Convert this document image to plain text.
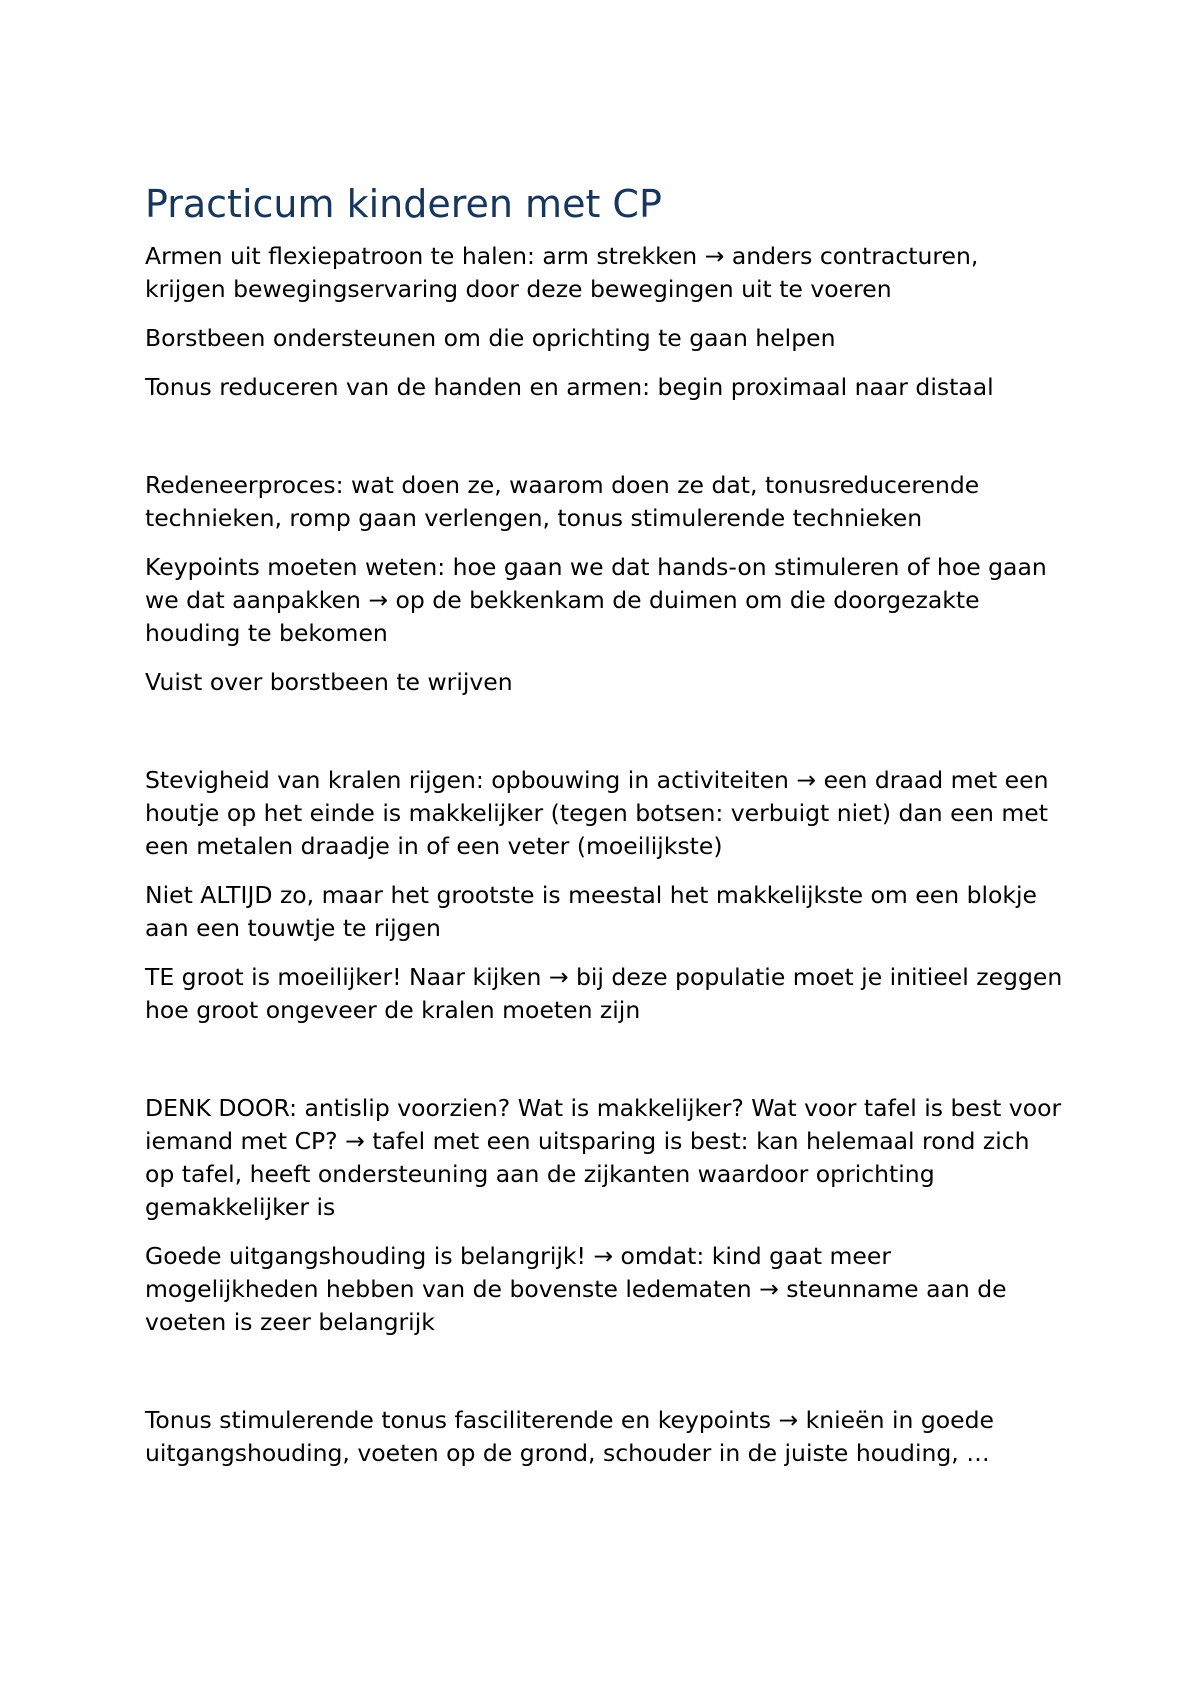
Practicum kinderen met CP

Armen uit flexiepatroon te halen: arm strekken → anders contracturen, krijgen bewegingservaring door deze bewegingen uit te voeren

Borstbeen ondersteunen om die oprichting te gaan helpen

Tonus reduceren van de handen en armen: begin proximaal naar distaal

Redeneerproces: wat doen ze, waarom doen ze dat, tonusreducerende technieken, romp gaan verlengen, tonus stimulerende technieken

Keypoints moeten weten: hoe gaan we dat hands-on stimuleren of hoe gaan we dat aanpakken → op de bekkenkam de duimen om die doorgezakte houding te bekomen

Vuist over borstbeen te wrijven

Stevigheid van kralen rijgen: opbouwing in activiteiten → een draad met een houtje op het einde is makkelijker (tegen botsen: verbuigt niet) dan een met een metalen draadje in of een veter (moeilijkste)

Niet ALTIJD zo, maar het grootste is meestal het makkelijkste om een blokje aan een touwtje te rijgen

TE groot is moeilijker! Naar kijken → bij deze populatie moet je initieel zeggen hoe groot ongeveer de kralen moeten zijn

DENK DOOR: antislip voorzien? Wat is makkelijker? Wat voor tafel is best voor iemand met CP? → tafel met een uitsparing is best: kan helemaal rond zich op tafel, heeft ondersteuning aan de zijkanten waardoor oprichting gemakkelijker is

Goede uitgangshouding is belangrijk! → omdat: kind gaat meer mogelijkheden hebben van de bovenste ledematen → steunname aan de voeten is zeer belangrijk

Tonus stimulerende tonus fasciliterende en keypoints → knieën in goede uitgangshouding, voeten op de grond, schouder in de juiste houding, …
